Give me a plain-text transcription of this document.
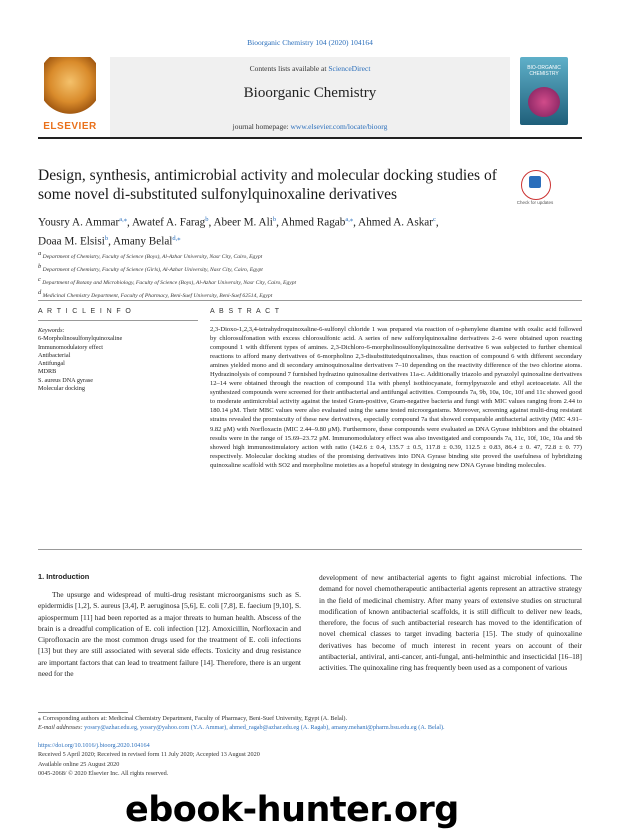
Bioorganic Chemistry 104 (2020) 104164
ELSEVIER
Contents lists available at ScienceDirect
Bioorganic Chemistry
journal homepage: www.elsevier.com/locate/bioorg
BIO-ORGANIC CHEMISTRY
Design, synthesis, antimicrobial activity and molecular docking studies of some novel di-substituted sulfonylquinoxaline derivatives	Check for updates
Yousry A. Ammar$^{a,⁎}$, Awatef A. Farag$^b$, Abeer M. Ali$^b$, Ahmed Ragab$^{a,⁎}$, Ahmed A. Askar$^c$,
Doaa M. Elsisi$^b$, Amany Belal$^{d,⁎}$
$^a$ Department of Chemistry, Faculty of Science (Boys), Al-Azhar University, Nasr City, Cairo, Egypt
$^b$ Department of Chemistry, Faculty of Science (Girls), Al-Azhar University, Nasr City, Cairo, Egypt
$^c$ Department of Botany and Microbiology, Faculty of Science (Boys), Al-Azhar University, Nasr City, Cairo, Egypt
$^d$ Medicinal Chemistry Department, Faculty of Pharmacy, Beni-Suef University, Beni-Suef 62514, Egypt
A R T I C L E I N F O	A B S T R A C T
Keywords:
6-Morpholinosulfonylquinoxaline
Immunomodulatory effect
Antibacterial
Antifungal
MDRB
S. aureus DNA gyrase
Molecular docking
2,3-Dioxo-1,2,3,4-tetrahydroquinoxaline-6-sulfonyl chloride 1 was prepared via reaction of o-phenylene diamine with oxalic acid followed by chlorosulfonation with excess chlorosulfonic acid. A series of new sulfonylquinoxaline derivatives 2–6 were obtained upon reacting compound 1 with different types of amines. 2,3-Dichloro-6-morpholinosulfonylquinoxaline derivative 6 was subjected to further chemical reactions to afford many derivatives of 6-morpholino 2,3-disubstitutedquinoxalines, thus reaction of compound 6 with different secondary amines yielded mono and di secondary aminoquinoxaline derivatives 7–10 depending on the reactivity difference of the two chlorine atoms. Hydrazinolysis of compound 7 furnished hydrazino quinoxaline derivatives 11a-c. Additionally triazolo and pyrazolyl quinoxaline derivatives 12–14 were obtained through the reaction of compound 11a with phenyl isothiocyanate, formylpyrazole and ethyl acetoacetate. All the synthesized compounds were screened for their antibacterial and antifungal activities. Compounds 7a, 9b, 10a, 10c, 10f and 11c showed good to moderate antimicrobial activity against the tested Gram-positive, Gram-negative bacteria and fungi with MIC values ranging from 2.44 to 180.14 μM. Their MBC values were also evaluated using the same tested microorganisms. Moreover, screening against multi-drug resistant strains revealed the promiscuity of these new derivatives, especially compound 7a that showed comparable antibacterial activity (MIC 4.91–9.82 μM) with Norfloxacin (MIC 2.44–9.80 μM). Furthermore, these compounds were evaluated as DNA Gyrase inhibitors and the obtained results were in the range of 15.69–23.72 μM. Immunomodulatory effect was also investigated and compounds 7a, 11c, 10f, 10c, 10a and 9b showed high immunostimulatory action with ratio (142.6 ± 0.4, 135.7 ± 0.5, 117.8 ± 0.39, 112.5 ± 0.83, 86.4 ± 0. 47, 72.8 ± 0. 77) respectively. Molecular docking studies of the promising derivatives into DNA Gyrase binding site proved the usefulness of hybridizing quinoxaline scaffold with SO2 and morpholine moieties as a hopeful strategy in designing new DNA Gyrase binding molecules.
1. Introduction
The upsurge and widespread of multi-drug resistant microorganisms such as S. epidermidis [1,2], S. aureus [3,4], P. aeruginosa [5,6], E. coli [7,8], E. faecium [9,10], S. apiospermum [11] had been reported as a major threats to human health. Abscess of the brain is a dreadful complication of E. coli infection [12]. Amoxicillin, Norfloxacin and Ciprofloxacin are the most common drugs used for the treatment of E. coli infections [13] but they are still associated with several side effects. Toxicity and drug resistance are important factors that can lead to treatment failure [14]. Therefore, there is an urgent need for the
development of new antibacterial agents to fight against microbial infections. The demand for novel chemotherapeutic antibacterial agents represent an attractive strategy in the field of medicinal chemistry. After many years of extensive studies on structural modification of known antibacterial scaffolds, it is still difficult to deliver new leads, therefore, the focus of such antibacterial research has moved to the identification of novel chemical classes to target invading bacteria [15]. The study of quinoxaline derivatives has become of much interest in recent years on account of their antibacterial, antiviral, anti-cancer, anti-fungal, anti-helminthic and insecticidal [16–18] activities. The quinoxaline ring has frequently been used as a component of various
⁎ Corresponding authors at: Medicinal Chemistry Department, Faculty of Pharmacy, Beni-Suef University, Egypt (A. Belal).
E-mail addresses: yossry@azhar.edu.eg, yossry@yahoo.com (Y.A. Ammar), ahmed_ragab@azhar.edu.eg (A. Ragab), amany.mehani@pharm.bsu.edu.eg (A. Belal).
https://doi.org/10.1016/j.bioorg.2020.104164
Received 5 April 2020; Received in revised form 11 July 2020; Accepted 13 August 2020
Available online 25 August 2020
0045-2068/ © 2020 Elsevier Inc. All rights reserved.
ebook-hunter.org
